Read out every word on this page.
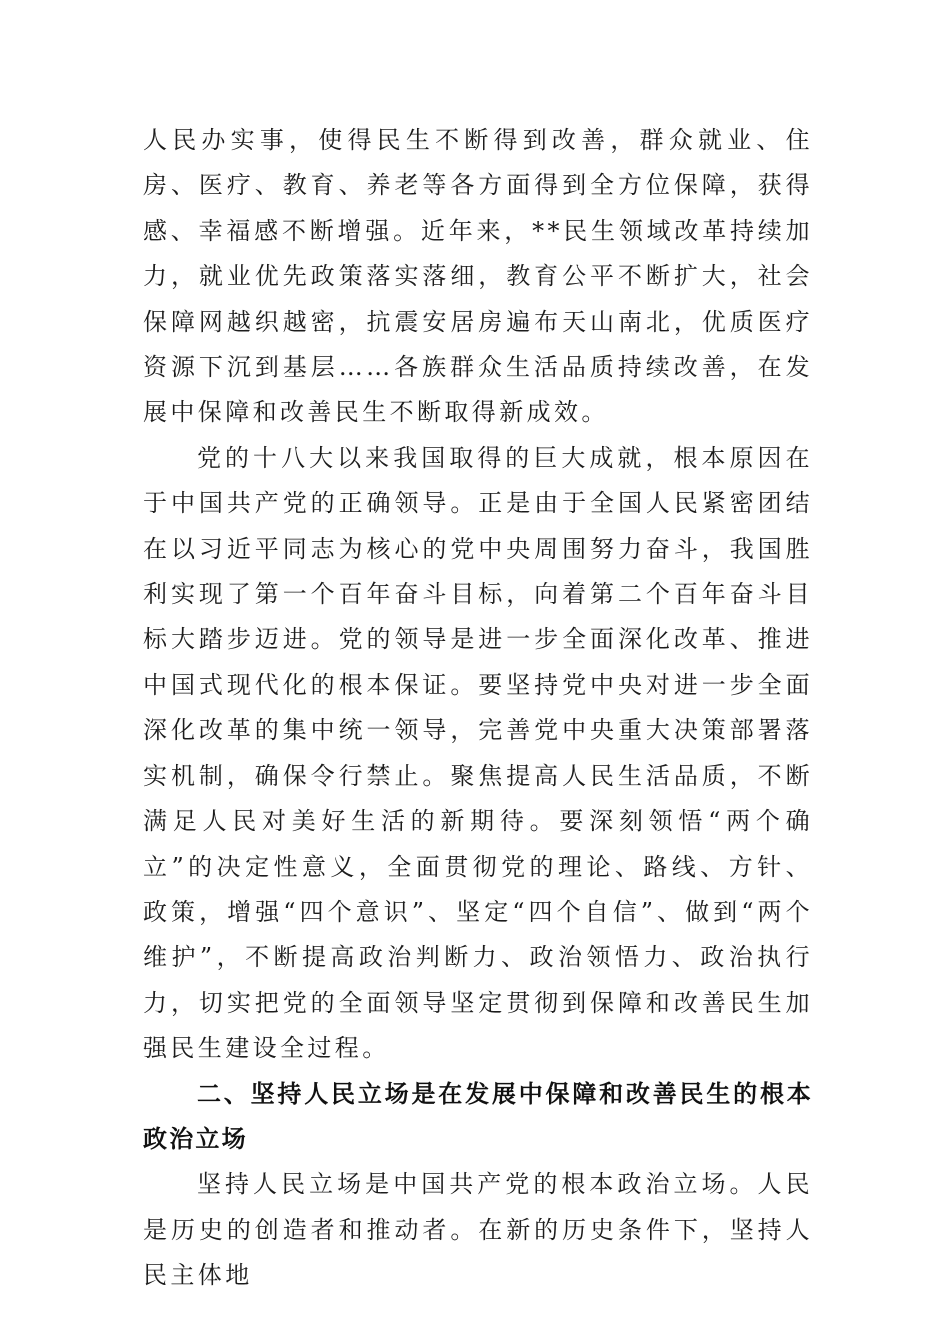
人民办实事，使得民生不断得到改善，群众就业、住房、医疗、教育、养老等各方面得到全方位保障，获得感、幸福感不断增强。近年来，**民生领域改革持续加力，就业优先政策落实落细，教育公平不断扩大，社会保障网越织越密，抗震安居房遍布天山南北，优质医疗资源下沉到基层……各族群众生活品质持续改善，在发展中保障和改善民生不断取得新成效。

党的十八大以来我国取得的巨大成就，根本原因在于中国共产党的正确领导。正是由于全国人民紧密团结在以习近平同志为核心的党中央周围努力奋斗，我国胜利实现了第一个百年奋斗目标，向着第二个百年奋斗目标大踏步迈进。党的领导是进一步全面深化改革、推进中国式现代化的根本保证。要坚持党中央对进一步全面深化改革的集中统一领导，完善党中央重大决策部署落实机制，确保令行禁止。聚焦提高人民生活品质，不断满足人民对美好生活的新期待。要深刻领悟“两个确立”的决定性意义，全面贯彻党的理论、路线、方针、政策，增强“四个意识”、坚定“四个自信”、做到“两个维护”，不断提高政治判断力、政治领悟力、政治执行力，切实把党的全面领导坚定贯彻到保障和改善民生加强民生建设全过程。

二、坚持人民立场是在发展中保障和改善民生的根本政治立场

坚持人民立场是中国共产党的根本政治立场。人民是历史的创造者和推动者。在新的历史条件下，坚持人民主体地
